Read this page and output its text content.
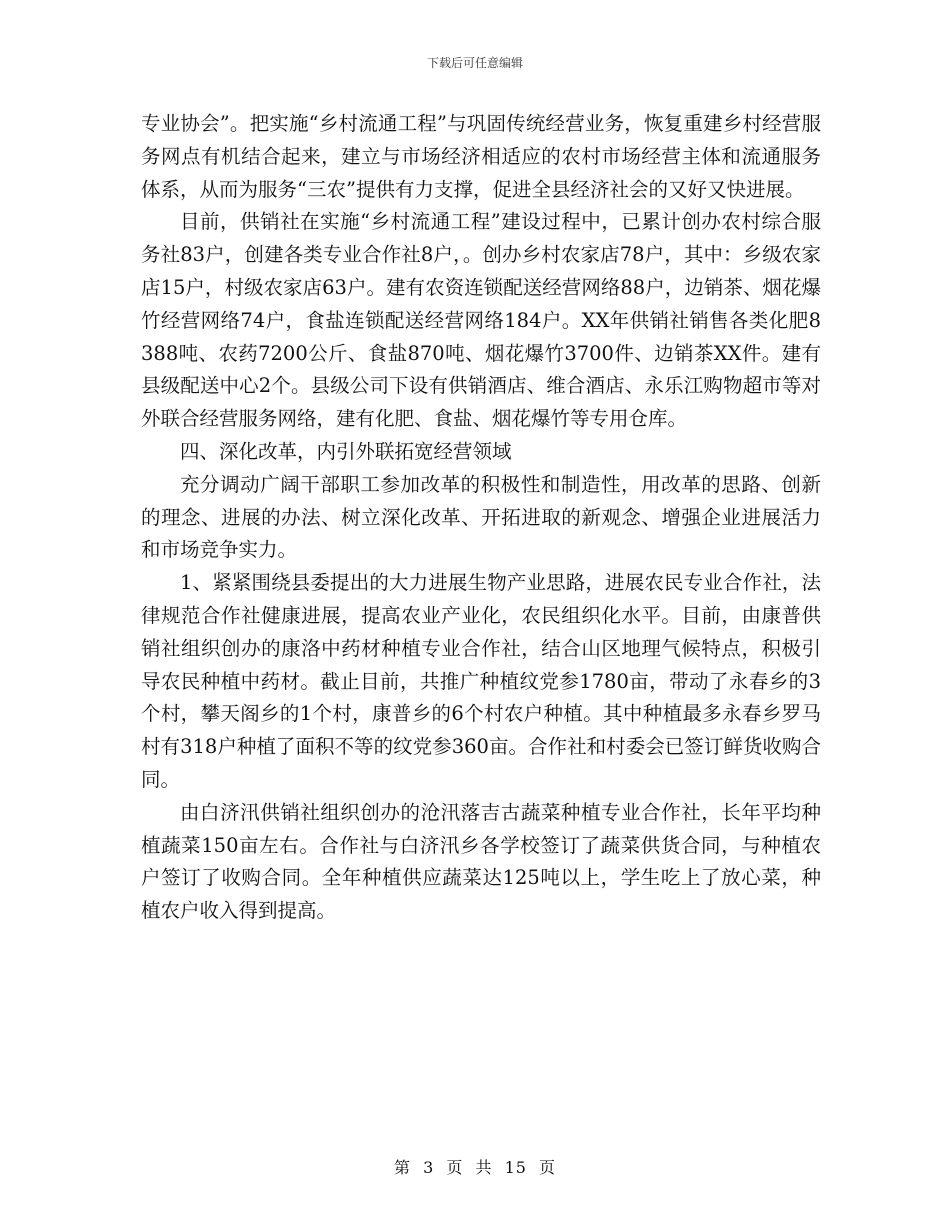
下载后可任意编辑

专业协会”。把实施“乡村流通工程”与巩固传统经营业务，恢复重建乡村经营服务网点有机结合起来，建立与市场经济相适应的农村市场经营主体和流通服务体系，从而为服务“三农”提供有力支撑，促进全县经济社会的又好又快进展。

目前，供销社在实施“乡村流通工程”建设过程中，已累计创办农村综合服务社83户，创建各类专业合作社8户，。创办乡村农家店78户，其中：乡级农家店15户，村级农家店63户。建有农资连锁配送经营网络88户，边销茶、烟花爆竹经营网络74户，食盐连锁配送经营网络184户。XX年供销社销售各类化肥8388吨、农药7200公斤、食盐870吨、烟花爆竹3700件、边销茶XX件。建有县级配送中心2个。县级公司下设有供销酒店、维合酒店、永乐江购物超市等对外联合经营服务网络，建有化肥、食盐、烟花爆竹等专用仓库。

四、深化改革，内引外联拓宽经营领域

充分调动广阔干部职工参加改革的积极性和制造性，用改革的思路、创新的理念、进展的办法、树立深化改革、开拓进取的新观念、增强企业进展活力和市场竞争实力。

1、紧紧围绕县委提出的大力进展生物产业思路，进展农民专业合作社，法律规范合作社健康进展，提高农业产业化，农民组织化水平。目前，由康普供销社组织创办的康洛中药材种植专业合作社，结合山区地理气候特点，积极引导农民种植中药材。截止目前，共推广种植纹党参1780亩，带动了永春乡的3个村，攀天阁乡的1个村，康普乡的6个村农户种植。其中种植最多永春乡罗马村有318户种植了面积不等的纹党参360亩。合作社和村委会已签订鲜货收购合同。

由白济汛供销社组织创办的沧汛落吉古蔬菜种植专业合作社，长年平均种植蔬菜150亩左右。合作社与白济汛乡各学校签订了蔬菜供货合同，与种植农户签订了收购合同。全年种植供应蔬菜达125吨以上，学生吃上了放心菜，种植农户收入得到提高。

第 3 页 共 15 页
